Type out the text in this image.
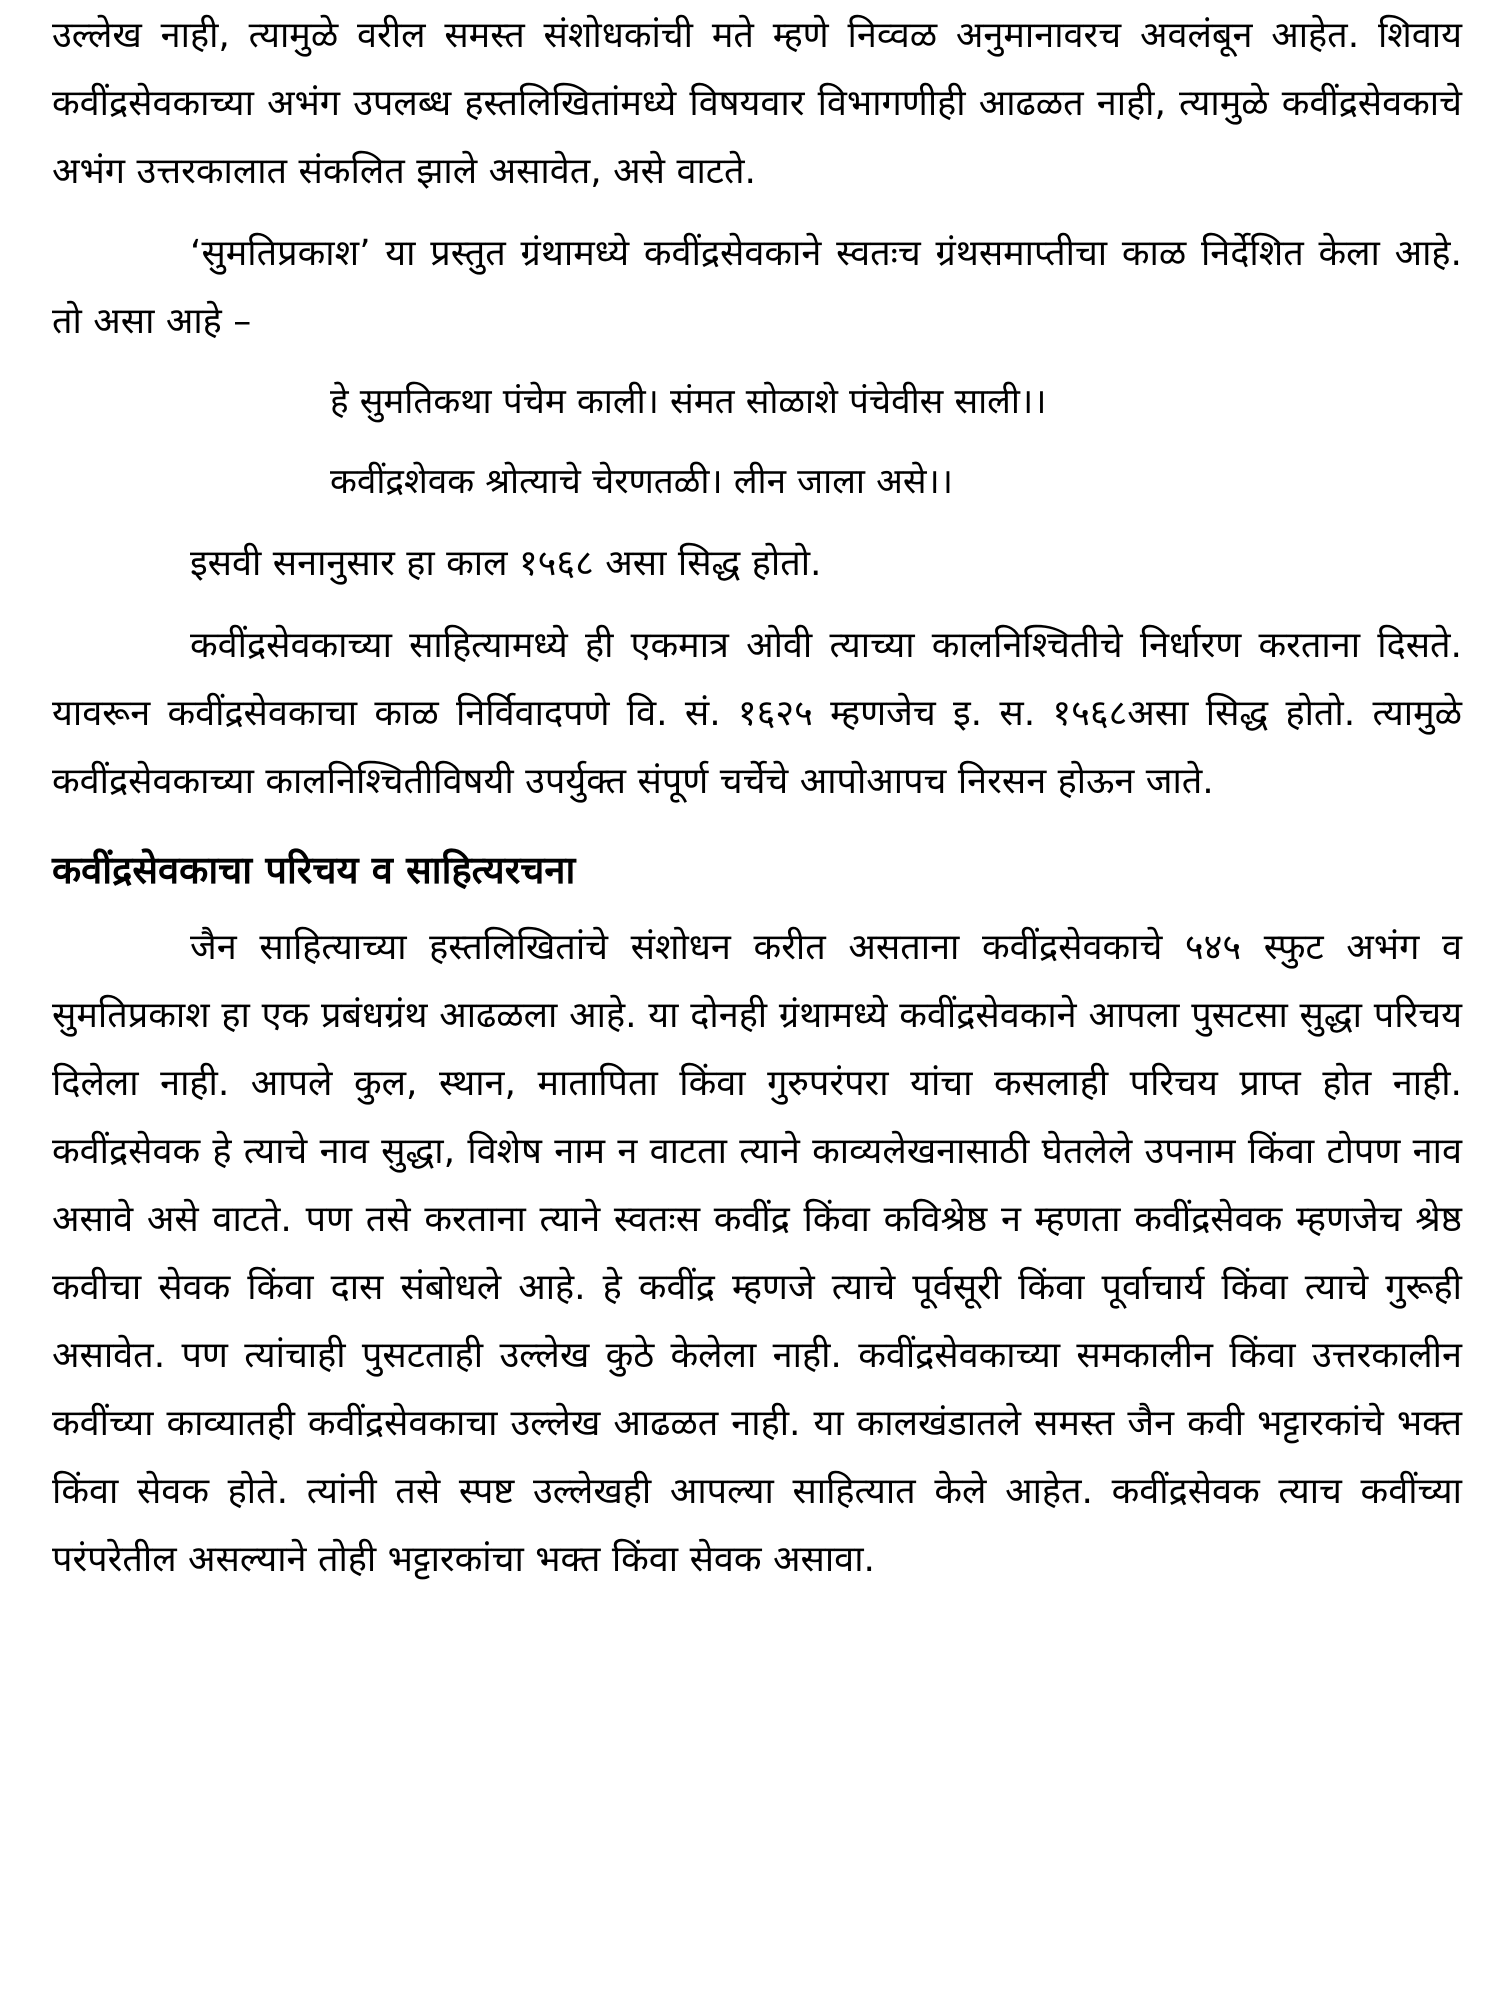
उल्लेख नाही, त्यामुळे वरील समस्त संशोधकांची मते म्हणे निव्वळ अनुमानावरच अवलंबून आहेत. शिवाय कवींद्रसेवकाच्या अभंग उपलब्ध हस्तलिखितांमध्ये विषयवार विभागणीही आढळत नाही, त्यामुळे कवींद्रसेवकाचे अभंग उत्तरकालात संकलित झाले असावेत, असे वाटते.

‘सुमतिप्रकाश’ या प्रस्तुत ग्रंथामध्ये कवींद्रसेवकाने स्वतःच ग्रंथसमाप्तीचा काळ निर्देशित केला आहे. तो असा आहे –

हे सुमतिकथा पंचेम काली। संमत सोळाशे पंचेवीस साली।।

कवींद्रशेवक श्रोत्याचे चेरणतळी। लीन जाला असे।।

इसवी सनानुसार हा काल १५६८ असा सिद्ध होतो.

कवींद्रसेवकाच्या साहित्यामध्ये ही एकमात्र ओवी त्याच्या कालनिश्चितीचे निर्धारण करताना दिसते. यावरून कवींद्रसेवकाचा काळ निर्विवादपणे वि. सं. १६२५ म्हणजेच इ. स. १५६८असा सिद्ध होतो. त्यामुळे कवींद्रसेवकाच्या कालनिश्चितीविषयी उपर्युक्त संपूर्ण चर्चेचे आपोआपच निरसन होऊन जाते.

कवींद्रसेवकाचा परिचय व साहित्यरचना

जैन साहित्याच्या हस्तलिखितांचे संशोधन करीत असताना कवींद्रसेवकाचे ५४५ स्फुट अभंग व सुमतिप्रकाश हा एक प्रबंधग्रंथ आढळला आहे. या दोनही ग्रंथामध्ये कवींद्रसेवकाने आपला पुसटसा सुद्धा परिचय दिलेला नाही. आपले कुल, स्थान, मातापिता किंवा गुरुपरंपरा यांचा कसलाही परिचय प्राप्त होत नाही. कवींद्रसेवक हे त्याचे नाव सुद्धा, विशेष नाम न वाटता त्याने काव्यलेखनासाठी घेतलेले उपनाम किंवा टोपण नाव असावे असे वाटते. पण तसे करताना त्याने स्वतःस कवींद्र किंवा कविश्रेष्ठ न म्हणता कवींद्रसेवक म्हणजेच श्रेष्ठ कवीचा सेवक किंवा दास संबोधले आहे. हे कवींद्र म्हणजे त्याचे पूर्वसूरी किंवा पूर्वाचार्य किंवा त्याचे गुरूही असावेत. पण त्यांचाही पुसटताही उल्लेख कुठे केलेला नाही. कवींद्रसेवकाच्या समकालीन किंवा उत्तरकालीन कवींच्या काव्यातही कवींद्रसेवकाचा उल्लेख आढळत नाही. या कालखंडातले समस्त जैन कवी भट्टारकांचे भक्त किंवा सेवक होते. त्यांनी तसे स्पष्ट उल्लेखही आपल्या साहित्यात केले आहेत. कवींद्रसेवक त्याच कवींच्या परंपरेतील असल्याने तोही भट्टारकांचा भक्त किंवा सेवक असावा.
